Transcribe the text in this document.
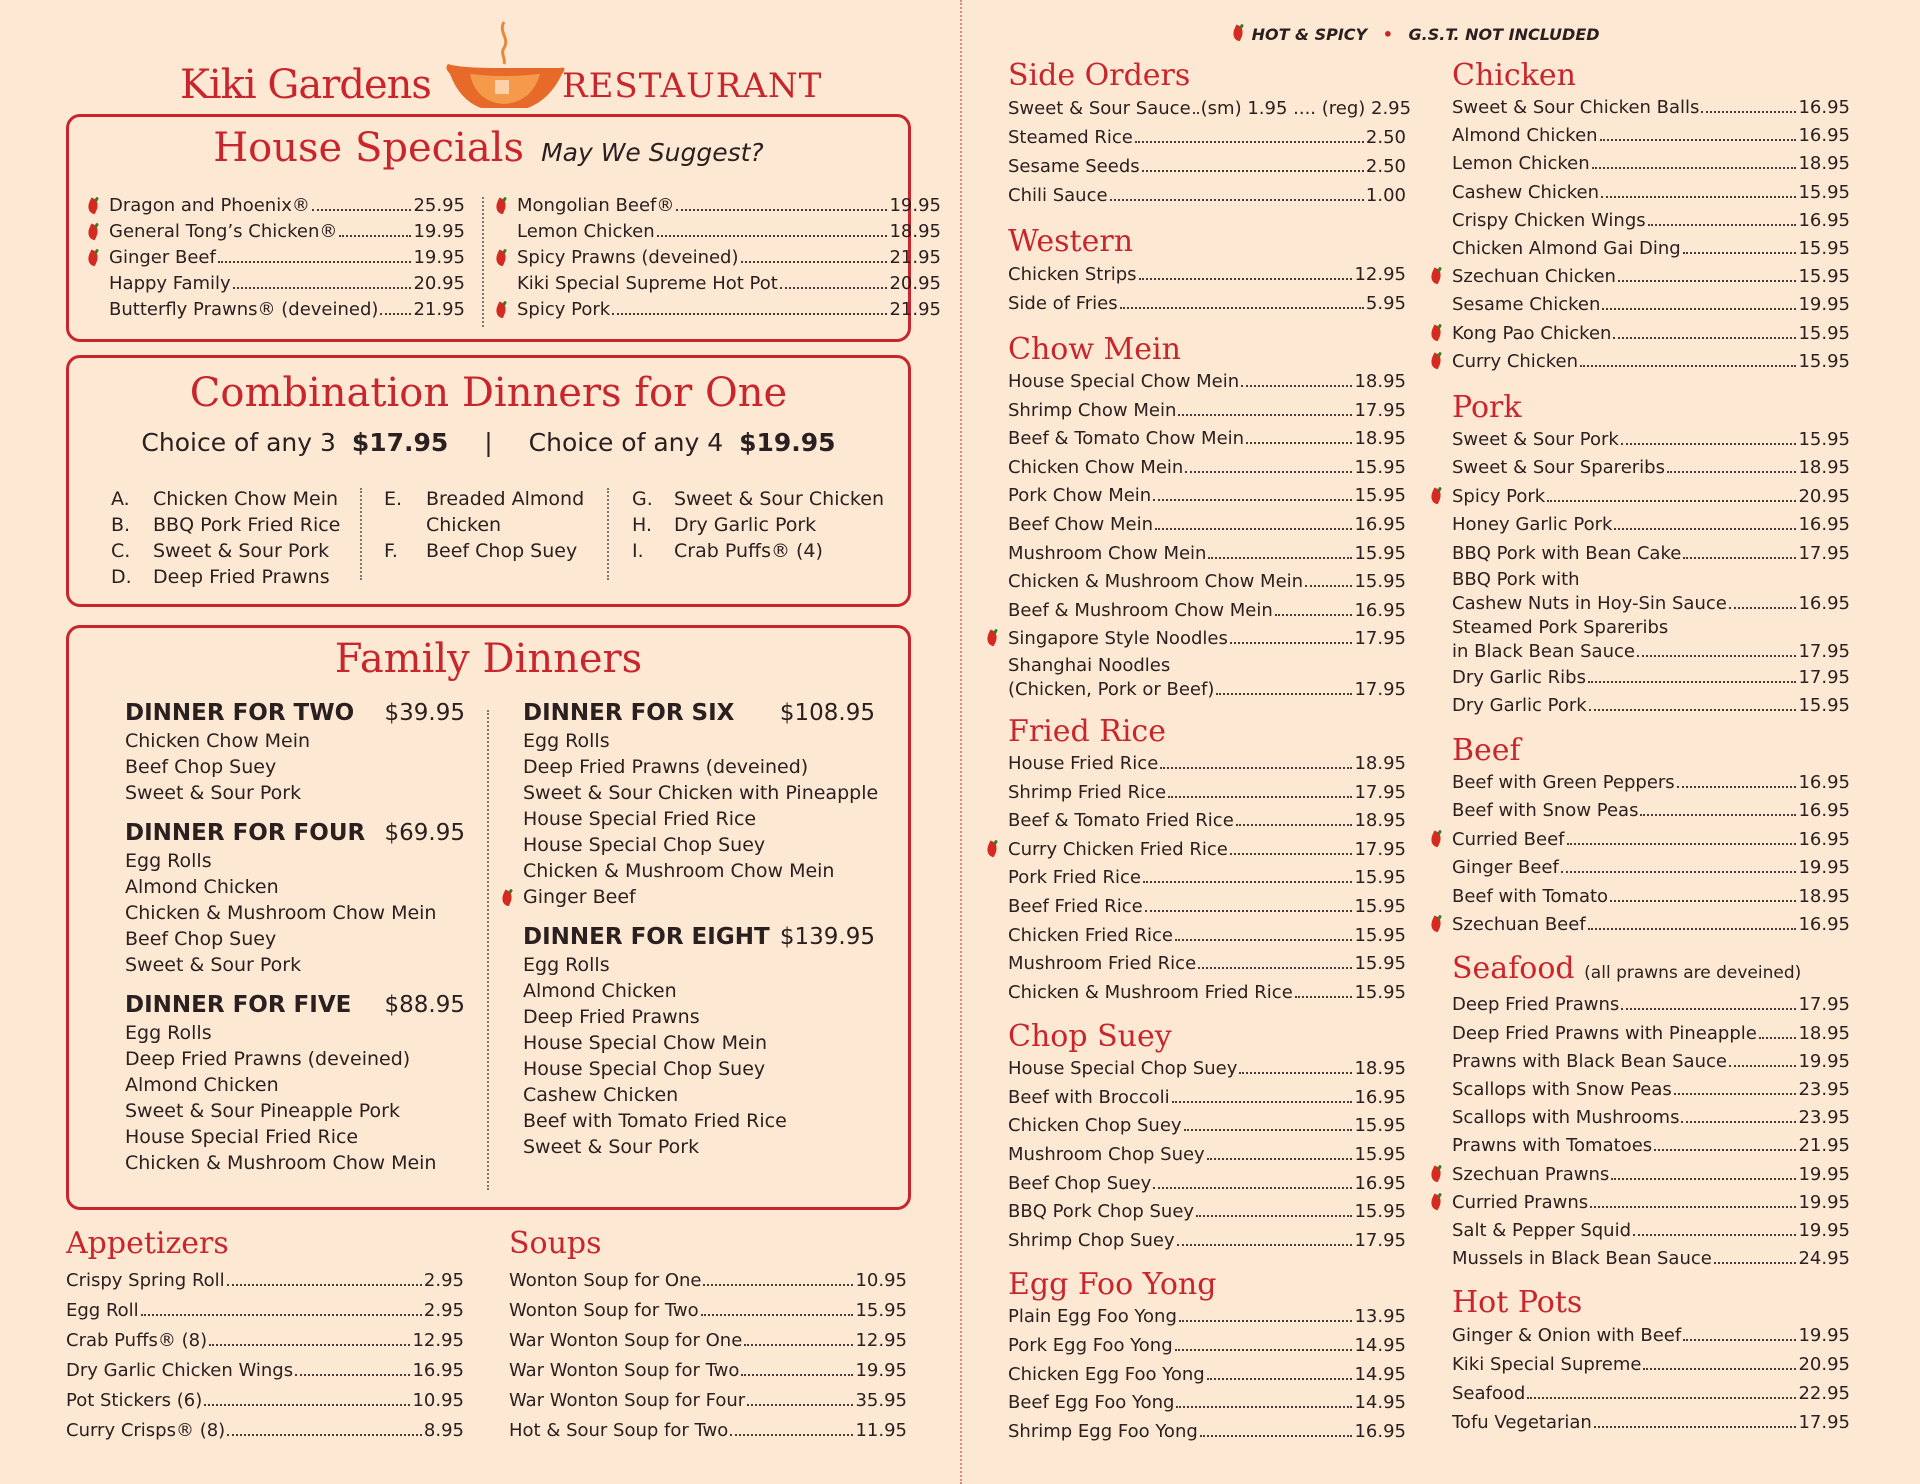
HOT & SPICY • G.S.T. NOT INCLUDED
Kiki Gardens	RESTAURANT
House Specials May We Suggest?
Dragon and Phoenix®	25.95
General Tong’s Chicken®	19.95
Ginger Beef	19.95
Happy Family	20.95
Butterfly Prawns® (deveined) 21.95
Mongolian Beef®	19.95
Lemon Chicken	18.95
Spicy Prawns (deveined)	21.95
Kiki Special Supreme Hot Pot	20.95
Spicy Pork	21.95
Combination Dinners for One
Choice of any 3 $17.95 | Choice of any 4 $19.95
A.	Chicken Chow Mein
B.	BBQ Pork Fried Rice
C.	Sweet & Sour Pork
D.	Deep Fried Prawns
E.	Breaded Almond
Chicken
F.	Beef Chop Suey
G.	Sweet & Sour Chicken
H.	Dry Garlic Pork
I.	Crab Puffs® (4)
Family Dinners
DINNER FOR TWO $39.95
Chicken Chow Mein
Beef Chop Suey
Sweet & Sour Pork
DINNER FOR FOUR $69.95
Egg Rolls
Almond Chicken
Chicken & Mushroom Chow Mein
Beef Chop Suey
Sweet & Sour Pork
DINNER FOR FIVE $88.95
Egg Rolls
Deep Fried Prawns (deveined)
Almond Chicken
Sweet & Sour Pineapple Pork
House Special Fried Rice
Chicken & Mushroom Chow Mein
DINNER FOR SIX $108.95
Egg Rolls
Deep Fried Prawns (deveined)
Sweet & Sour Chicken with Pineapple
House Special Fried Rice
House Special Chop Suey
Chicken & Mushroom Chow Mein
Ginger Beef
DINNER FOR EIGHT $139.95
Egg Rolls
Almond Chicken
Deep Fried Prawns
House Special Chow Mein
House Special Chop Suey
Cashew Chicken
Beef with Tomato Fried Rice
Sweet & Sour Pork
Appetizers
Crispy Spring Roll	2.95
Egg Roll	2.95
Crab Puffs® (8)	12.95
Dry Garlic Chicken Wings	16.95
Pot Stickers (6)	10.95
Curry Crisps® (8)	8.95
Soups
Wonton Soup for One	10.95
Wonton Soup for Two	15.95
War Wonton Soup for One	12.95
War Wonton Soup for Two	19.95
War Wonton Soup for Four	35.95
Hot & Sour Soup for Two	11.95
Side Orders
Sweet & Sour Sauce (sm) 1.95 .... (reg) 2.95
Steamed Rice	2.50
Sesame Seeds	2.50
Chili Sauce	1.00
Western
Chicken Strips	12.95
Side of Fries	5.95
Chow Mein
House Special Chow Mein	18.95
Shrimp Chow Mein	17.95
Beef & Tomato Chow Mein	18.95
Chicken Chow Mein	15.95
Pork Chow Mein	15.95
Beef Chow Mein	16.95
Mushroom Chow Mein	15.95
Chicken & Mushroom Chow Mein	15.95
Beef & Mushroom Chow Mein	16.95
Singapore Style Noodles	17.95
Shanghai Noodles
(Chicken, Pork or Beef)	17.95
Fried Rice
House Fried Rice	18.95
Shrimp Fried Rice	17.95
Beef & Tomato Fried Rice	18.95
Curry Chicken Fried Rice	17.95
Pork Fried Rice	15.95
Beef Fried Rice	15.95
Chicken Fried Rice	15.95
Mushroom Fried Rice	15.95
Chicken & Mushroom Fried Rice	15.95
Chop Suey
House Special Chop Suey	18.95
Beef with Broccoli	16.95
Chicken Chop Suey	15.95
Mushroom Chop Suey	15.95
Beef Chop Suey	16.95
BBQ Pork Chop Suey	15.95
Shrimp Chop Suey	17.95
Egg Foo Yong
Plain Egg Foo Yong	13.95
Pork Egg Foo Yong	14.95
Chicken Egg Foo Yong	14.95
Beef Egg Foo Yong	14.95
Shrimp Egg Foo Yong	16.95
Chicken
Sweet & Sour Chicken Balls	16.95
Almond Chicken	16.95
Lemon Chicken	18.95
Cashew Chicken	15.95
Crispy Chicken Wings	16.95
Chicken Almond Gai Ding	15.95
Szechuan Chicken	15.95
Sesame Chicken	19.95
Kong Pao Chicken	15.95
Curry Chicken	15.95
Pork
Sweet & Sour Pork	15.95
Sweet & Sour Spareribs	18.95
Spicy Pork	20.95
Honey Garlic Pork	16.95
BBQ Pork with Bean Cake	17.95
BBQ Pork with
Cashew Nuts in Hoy-Sin Sauce	16.95
Steamed Pork Spareribs
in Black Bean Sauce	17.95
Dry Garlic Ribs	17.95
Dry Garlic Pork	15.95
Beef
Beef with Green Peppers	16.95
Beef with Snow Peas	16.95
Curried Beef	16.95
Ginger Beef	19.95
Beef with Tomato	18.95
Szechuan Beef	16.95
Seafood (all prawns are deveined)
Deep Fried Prawns	17.95
Deep Fried Prawns with Pineapple 18.95
Prawns with Black Bean Sauce	19.95
Scallops with Snow Peas	23.95
Scallops with Mushrooms	23.95
Prawns with Tomatoes	21.95
Szechuan Prawns	19.95
Curried Prawns	19.95
Salt & Pepper Squid	19.95
Mussels in Black Bean Sauce	24.95
Hot Pots
Ginger & Onion with Beef	19.95
Kiki Special Supreme	20.95
Seafood	22.95
Tofu Vegetarian	17.95
